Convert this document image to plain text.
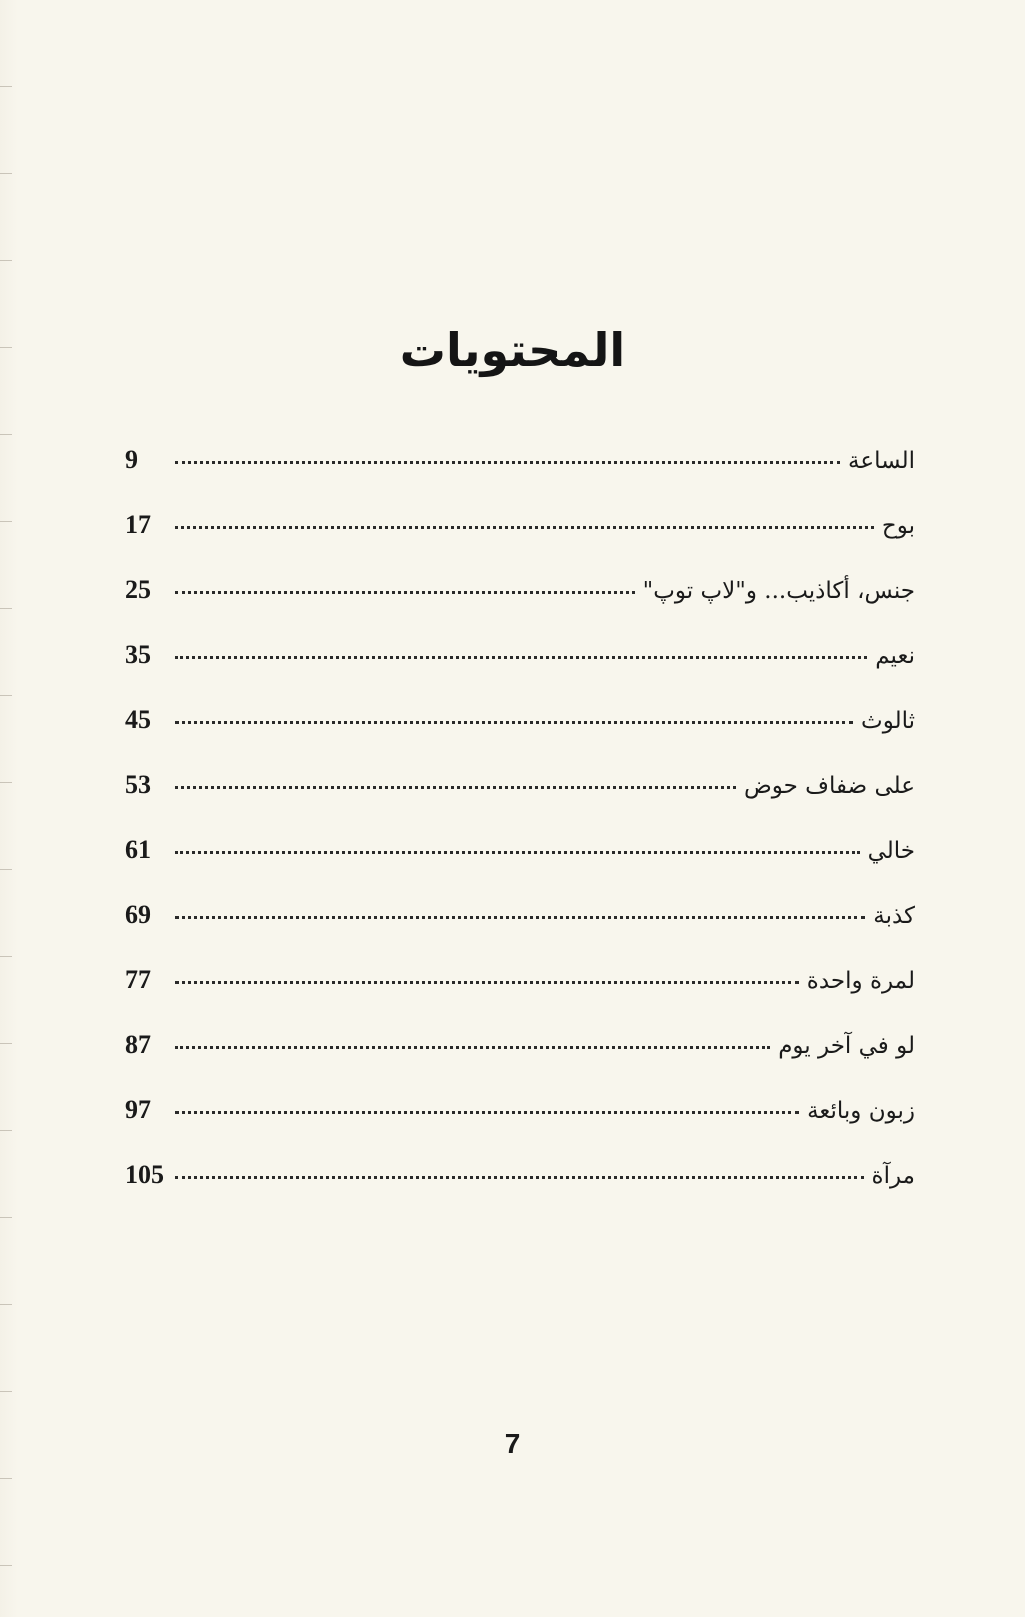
المحتويات
الساعة
9
بوح
17
جنس، أكاذيب... و"لاپ توپ"
25
نعيم
35
ثالوث
45
على ضفاف حوض
53
خالي
61
كذبة
69
لمرة واحدة
77
لو في آخر يوم
87
زبون وبائعة
97
مرآة
105
7
